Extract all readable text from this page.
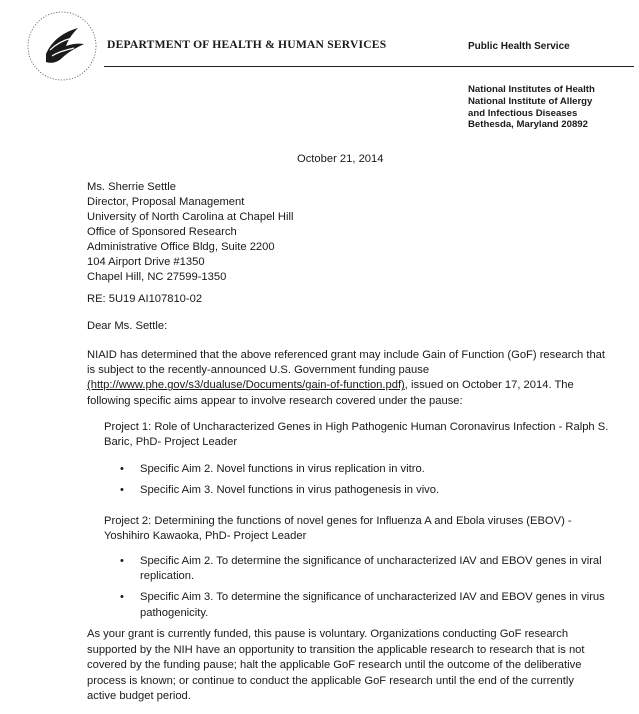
DEPARTMENT OF HEALTH & HUMAN SERVICES	Public Health Service
National Institutes of Health
National Institute of Allergy
and Infectious Diseases
Bethesda, Maryland 20892
October 21, 2014
Ms. Sherrie Settle
Director, Proposal Management
University of North Carolina at Chapel Hill
Office of Sponsored Research
Administrative Office Bldg, Suite 2200
104 Airport Drive #1350
Chapel Hill, NC 27599-1350
RE: 5U19 AI107810-02
Dear Ms. Settle:
NIAID has determined that the above referenced grant may include Gain of Function (GoF) research that
is subject to the recently-announced U.S. Government funding pause
(http://www.phe.gov/s3/dualuse/Documents/gain-of-function.pdf), issued on October 17, 2014. The
following specific aims appear to involve research covered under the pause:
Project 1: Role of Uncharacterized Genes in High Pathogenic Human Coronavirus Infection - Ralph S.
Baric, PhD- Project Leader
• Specific Aim 2. Novel functions in virus replication in vitro.
• Specific Aim 3. Novel functions in virus pathogenesis in vivo.
Project 2: Determining the functions of novel genes for Influenza A and Ebola viruses (EBOV) -
Yoshihiro Kawaoka, PhD- Project Leader
• Specific Aim 2. To determine the significance of uncharacterized IAV and EBOV genes in viral
replication.
• Specific Aim 3. To determine the significance of uncharacterized IAV and EBOV genes in virus
pathogenicity.
As your grant is currently funded, this pause is voluntary. Organizations conducting GoF research
supported by the NIH have an opportunity to transition the applicable research to research that is not
covered by the funding pause; halt the applicable GoF research until the outcome of the deliberative
process is known; or continue to conduct the applicable GoF research until the end of the currently
active budget period.
